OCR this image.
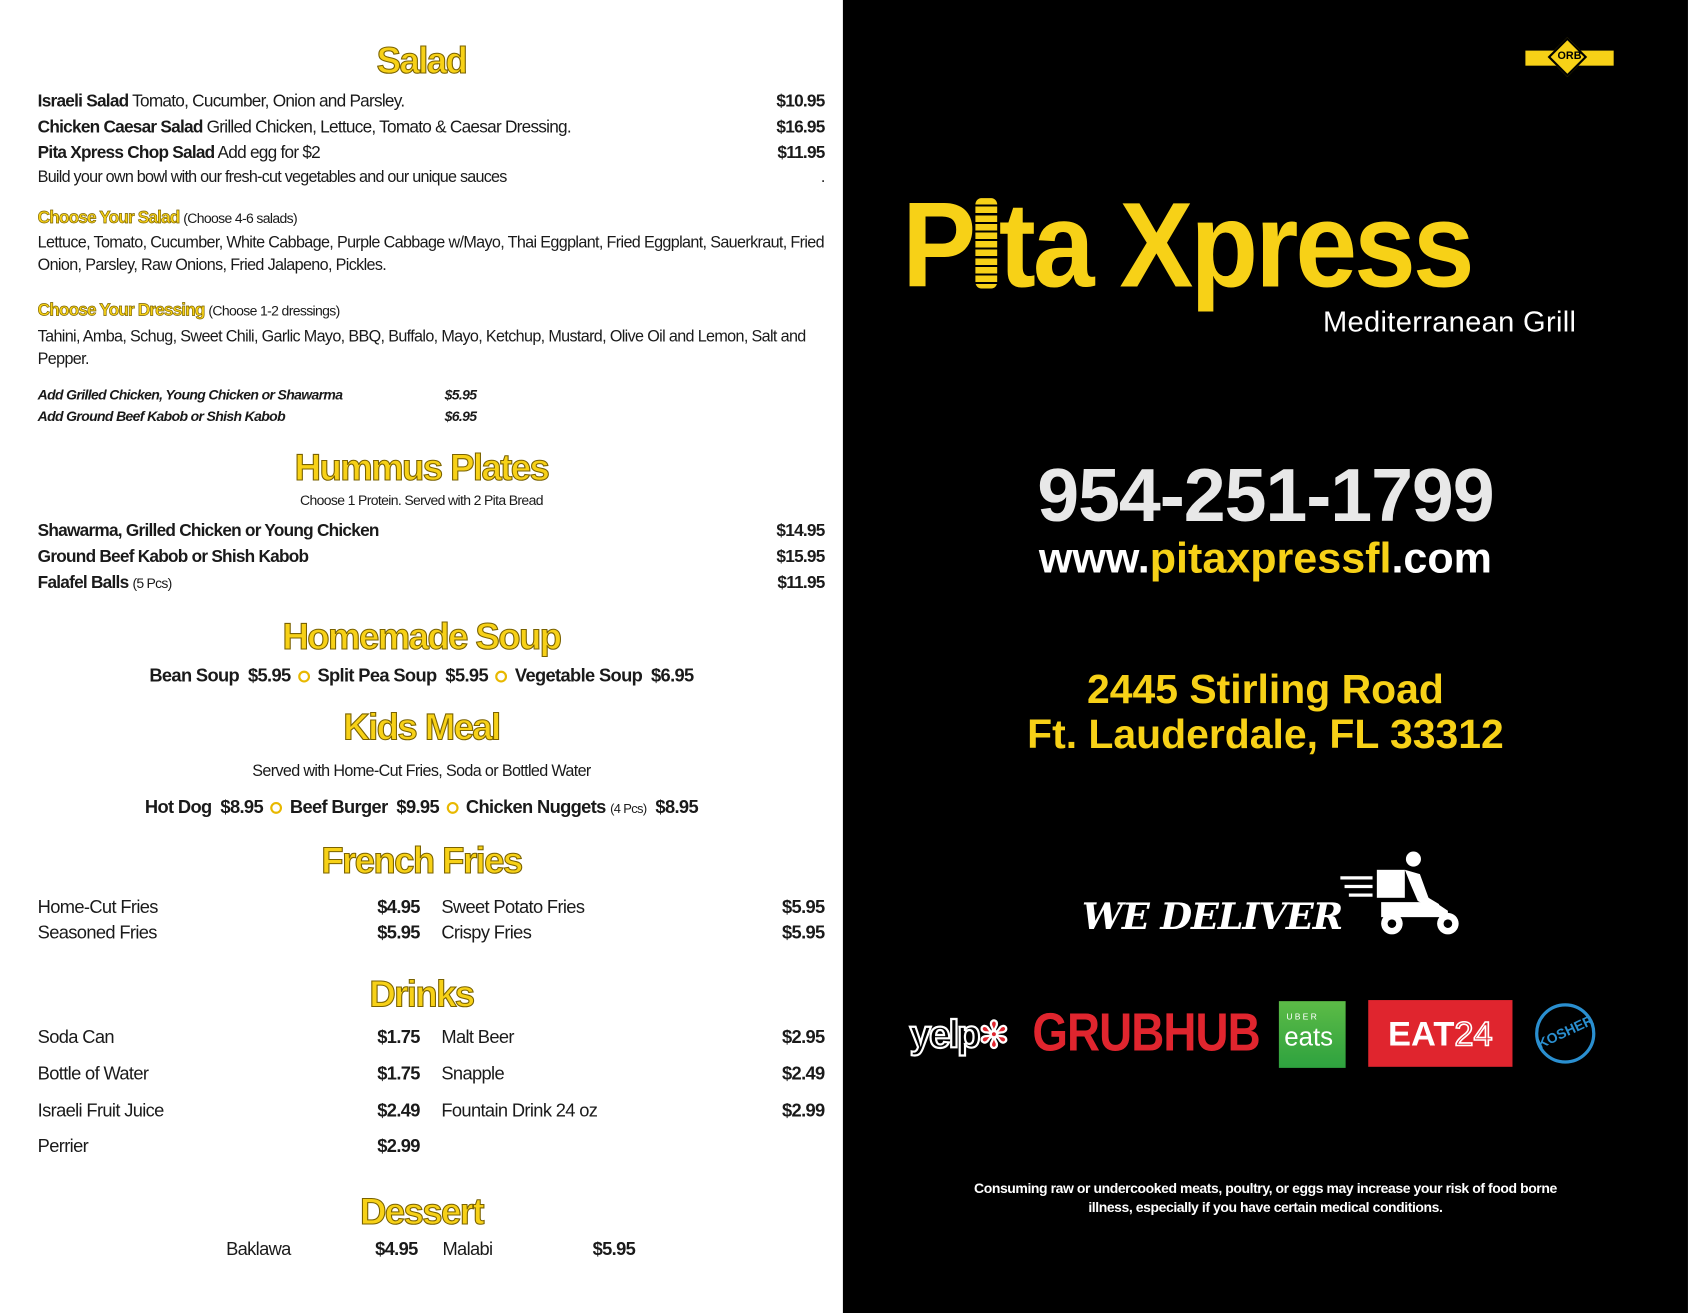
Salad
Israeli Salad Tomato, Cucumber, Onion and Parsley.	$10.95
Chicken Caesar Salad Grilled Chicken, Lettuce, Tomato & Caesar Dressing.	$16.95
Pita Xpress Chop Salad Add egg for $2	$11.95
Build your own bowl with our fresh-cut vegetables and our unique sauces	.
Choose Your Salad (Choose 4-6 salads)
Lettuce, Tomato, Cucumber, White Cabbage, Purple Cabbage w/Mayo, Thai Eggplant, Fried Eggplant, Sauerkraut, Fried Onion, Parsley, Raw Onions, Fried Jalapeno, Pickles.
Choose Your Dressing (Choose 1-2 dressings)
Tahini, Amba, Schug, Sweet Chili, Garlic Mayo, BBQ, Buffalo, Mayo, Ketchup, Mustard, Olive Oil and Lemon, Salt and Pepper.
Add Grilled Chicken, Young Chicken or Shawarma	$5.95
Add Ground Beef Kabob or Shish Kabob	$6.95
Hummus Plates
Choose 1 Protein. Served with 2 Pita Bread
Shawarma, Grilled Chicken or Young Chicken	$14.95
Ground Beef Kabob or Shish Kabob	$15.95
Falafel Balls (5 Pcs)	$11.95
Homemade Soup
Bean Soup $5.95 Split Pea Soup $5.95 Vegetable Soup $6.95
Kids Meal
Served with Home-Cut Fries, Soda or Bottled Water
Hot Dog $8.95 Beef Burger $9.95 Chicken Nuggets (4 Pcs) $8.95
French Fries
Home-Cut Fries	$4.95 Sweet Potato Fries	$5.95
Seasoned Fries	$5.95 Crispy Fries	$5.95
Drinks
Soda Can	$1.75 Malt Beer	$2.95
Bottle of Water	$1.75 Snapple	$2.49
Israeli Fruit Juice	$2.49 Fountain Drink 24 oz	$2.99
Perrier	$2.99
Dessert
Baklawa	$4.95 Malabi	$5.95
ORB
P ta Xpress
Mediterranean Grill
954-251-1799
www.pitaxpressfl.com
2445 Stirling Road
Ft. Lauderdale, FL 33312
WE DELIVER
yelp✻ GRUBHUB	UBER
eats	EAT24	KOSHER
Consuming raw or undercooked meats, poultry, or eggs may increase your risk of food borne
illness, especially if you have certain medical conditions.
